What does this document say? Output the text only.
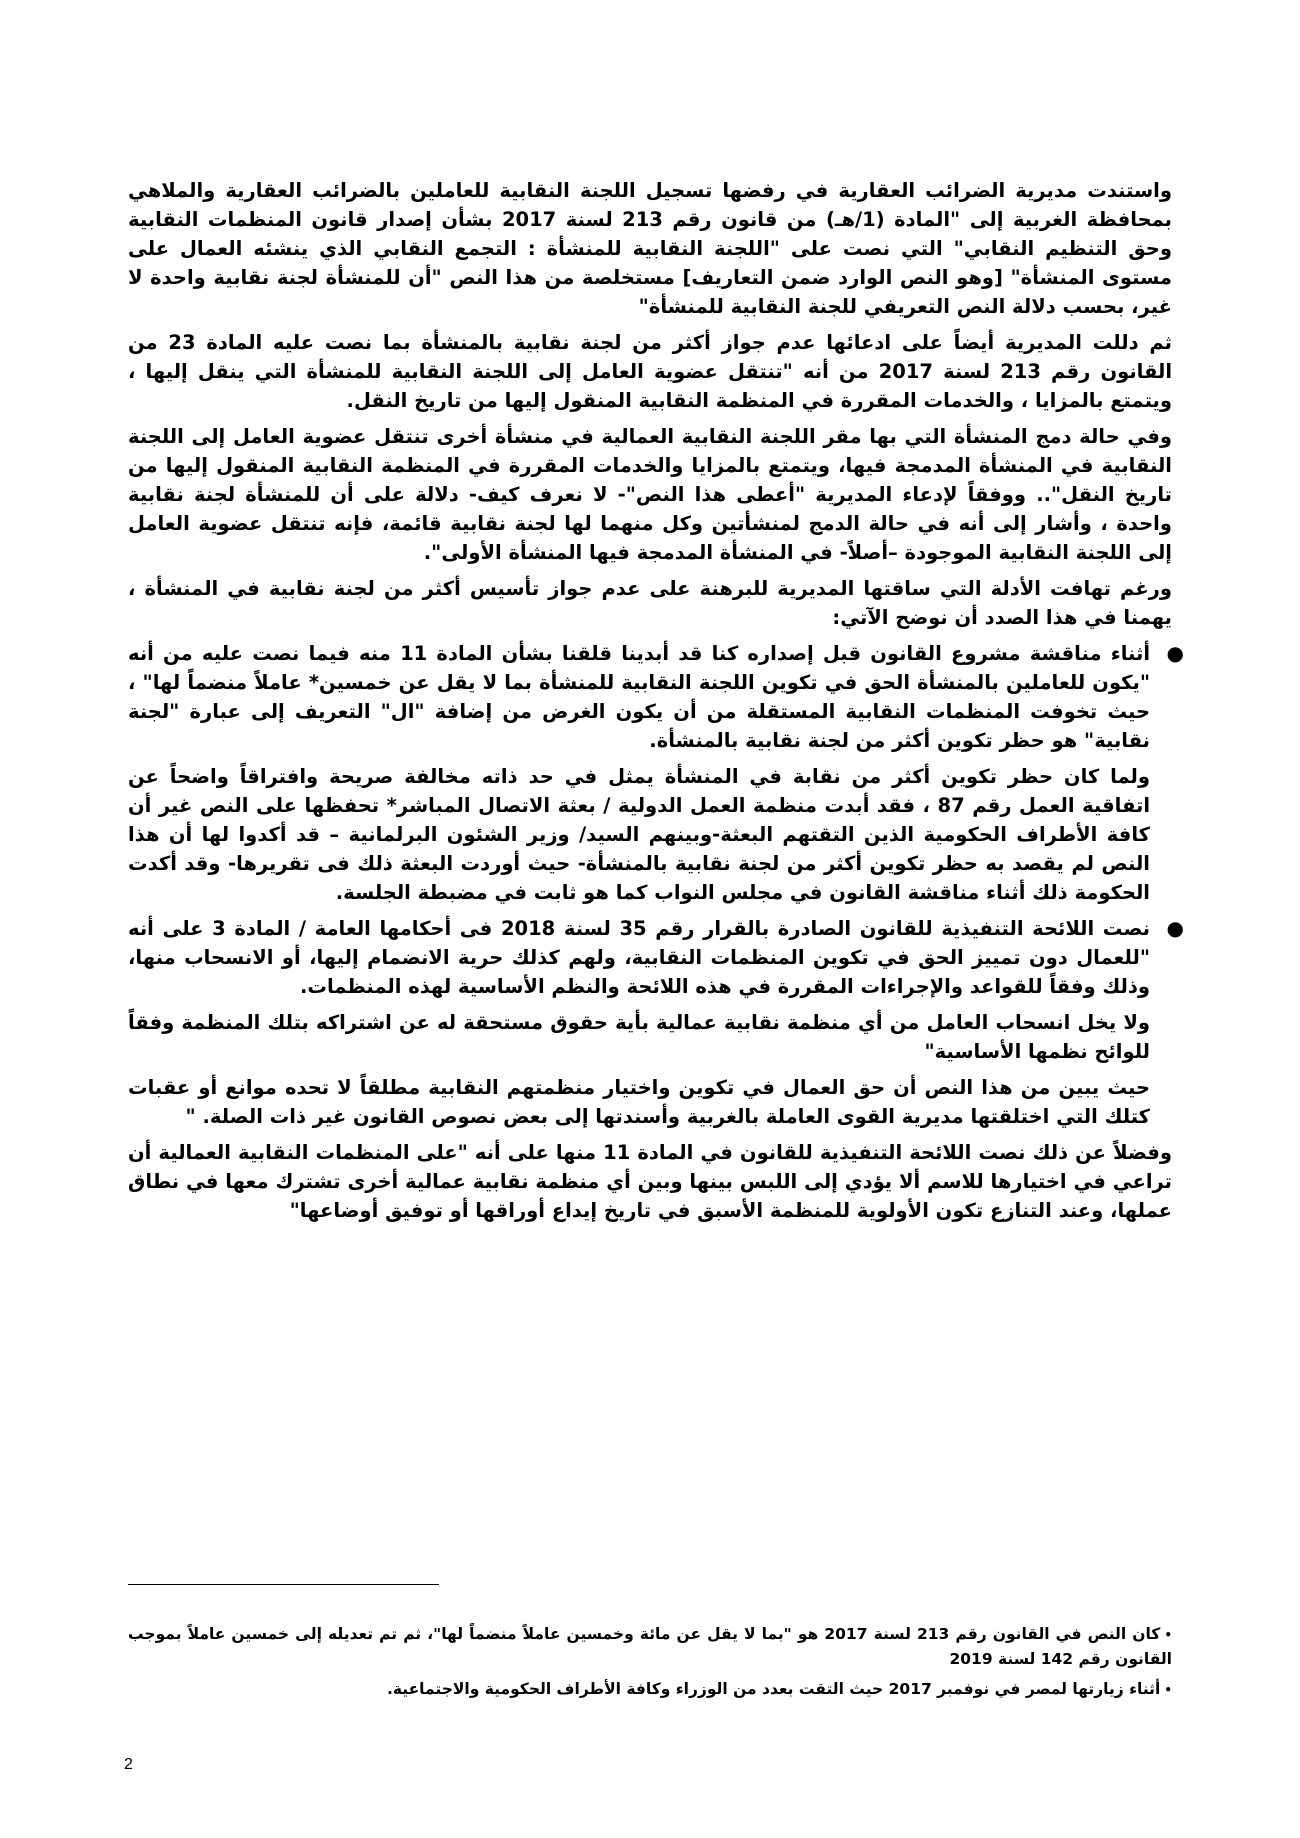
واستندت مديرية الضرائب العقارية في رفضها تسجيل اللجنة النقابية للعاملين بالضرائب العقارية والملاهي بمحافظة الغربية إلى "المادة (1/هـ) من قانون رقم 213 لسنة 2017 بشأن إصدار قانون المنظمات النقابية وحق التنظيم النقابي" التي نصت على "اللجنة النقابية للمنشأة : التجمع النقابي الذي ينشئه العمال على مستوى المنشأة" [وهو النص الوارد ضمن التعاريف] مستخلصة من هذا النص "أن للمنشأة لجنة نقابية واحدة لا غير، بحسب دلالة النص التعريفي للجنة النقابية للمنشأة"

ثم دللت المديرية أيضاً على ادعائها عدم جواز أكثر من لجنة نقابية بالمنشأة بما نصت عليه المادة 23 من القانون رقم 213 لسنة 2017 من أنه "تنتقل عضوية العامل إلى اللجنة النقابية للمنشأة التي ينقل إليها ، ويتمتع بالمزايا ، والخدمات المقررة في المنظمة النقابية المنقول إليها من تاريخ النقل.

وفي حالة دمج المنشأة التي بها مقر اللجنة النقابية العمالية في منشأة أخرى تنتقل عضوية العامل إلى اللجنة النقابية في المنشأة المدمجة فيها، ويتمتع بالمزايا والخدمات المقررة في المنظمة النقابية المنقول إليها من تاريخ النقل".. ووفقاً لإدعاء المديرية "أعطى هذا النص"- لا نعرف كيف- دلالة على أن للمنشأة لجنة نقابية واحدة ، وأشار إلى أنه في حالة الدمج لمنشأتين وكل منهما لها لجنة نقابية قائمة، فإنه تنتقل عضوية العامل إلى اللجنة النقابية الموجودة –أصلاً- في المنشأة المدمجة فيها المنشأة الأولى".

ورغم تهافت الأدلة التي ساقتها المديرية للبرهنة على عدم جواز تأسيس أكثر من لجنة نقابية في المنشأة ، يهمنا في هذا الصدد أن نوضح الآتي:

●

أثناء مناقشة مشروع القانون قبل إصداره كنا قد أبدينا قلقنا بشأن المادة 11 منه فيما نصت عليه من أنه "يكون للعاملين بالمنشأة الحق في تكوين اللجنة النقابية للمنشأة بما لا يقل عن خمسين* عاملاً منضماً لها" ، حيث تخوفت المنظمات النقابية المستقلة من أن يكون الغرض من إضافة "ال" التعريف إلى عبارة "لجنة نقابية" هو حظر تكوين أكثر من لجنة نقابية بالمنشأة.

ولما كان حظر تكوين أكثر من نقابة في المنشأة يمثل في حد ذاته مخالفة صريحة وافتراقاً واضحاً عن اتفاقية العمل رقم 87 ، فقد أبدت منظمة العمل الدولية / بعثة الاتصال المباشر* تحفظها على النص غير أن كافة الأطراف الحكومية الذين التقتهم البعثة-وبينهم السيد/ وزير الشئون البرلمانية – قد أكدوا لها أن هذا النص لم يقصد به حظر تكوين أكثر من لجنة نقابية بالمنشأة- حيث أوردت البعثة ذلك فى تقريرها- وقد أكدت الحكومة ذلك أثناء مناقشة القانون في مجلس النواب كما هو ثابت في مضبطة الجلسة.

●

نصت اللائحة التنفيذية للقانون الصادرة بالقرار رقم 35 لسنة 2018 فى أحكامها العامة / المادة 3 على أنه "للعمال دون تمييز الحق في تكوين المنظمات النقابية، ولهم كذلك حرية الانضمام إليها، أو الانسحاب منها، وذلك وفقاً للقواعد والإجراءات المقررة في هذه اللائحة والنظم الأساسية لهذه المنظمات.

ولا يخل انسحاب العامل من أي منظمة نقابية عمالية بأية حقوق مستحقة له عن اشتراكه بتلك المنظمة وفقاً للوائح نظمها الأساسية"

حيث يبين من هذا النص أن حق العمال في تكوين واختيار منظمتهم النقابية مطلقاً لا تحده موانع أو عقبات كتلك التي اختلقتها مديرية القوى العاملة بالغربية وأسندتها إلى بعض نصوص القانون غير ذات الصلة. "

وفضلاً عن ذلك نصت اللائحة التنفيذية للقانون في المادة 11 منها على أنه "على المنظمات النقابية العمالية أن تراعي في اختيارها للاسم ألا يؤدي إلى اللبس بينها وبين أي منظمة نقابية عمالية أخرى تشترك معها في نطاق عملها، وعند التنازع تكون الأولوية للمنظمة الأسبق في تاريخ إيداع أوراقها أو توفيق أوضاعها"

•كان النص في القانون رقم 213 لسنة 2017 هو "بما لا يقل عن مائة وخمسين عاملاً منضماً لها"، ثم تم تعديله إلى خمسين عاملاً بموجب القانون رقم 142 لسنة 2019

•أثناء زيارتها لمصر في نوفمبر 2017 حيث التقت بعدد من الوزراء وكافة الأطراف الحكومية والاجتماعية.

2
